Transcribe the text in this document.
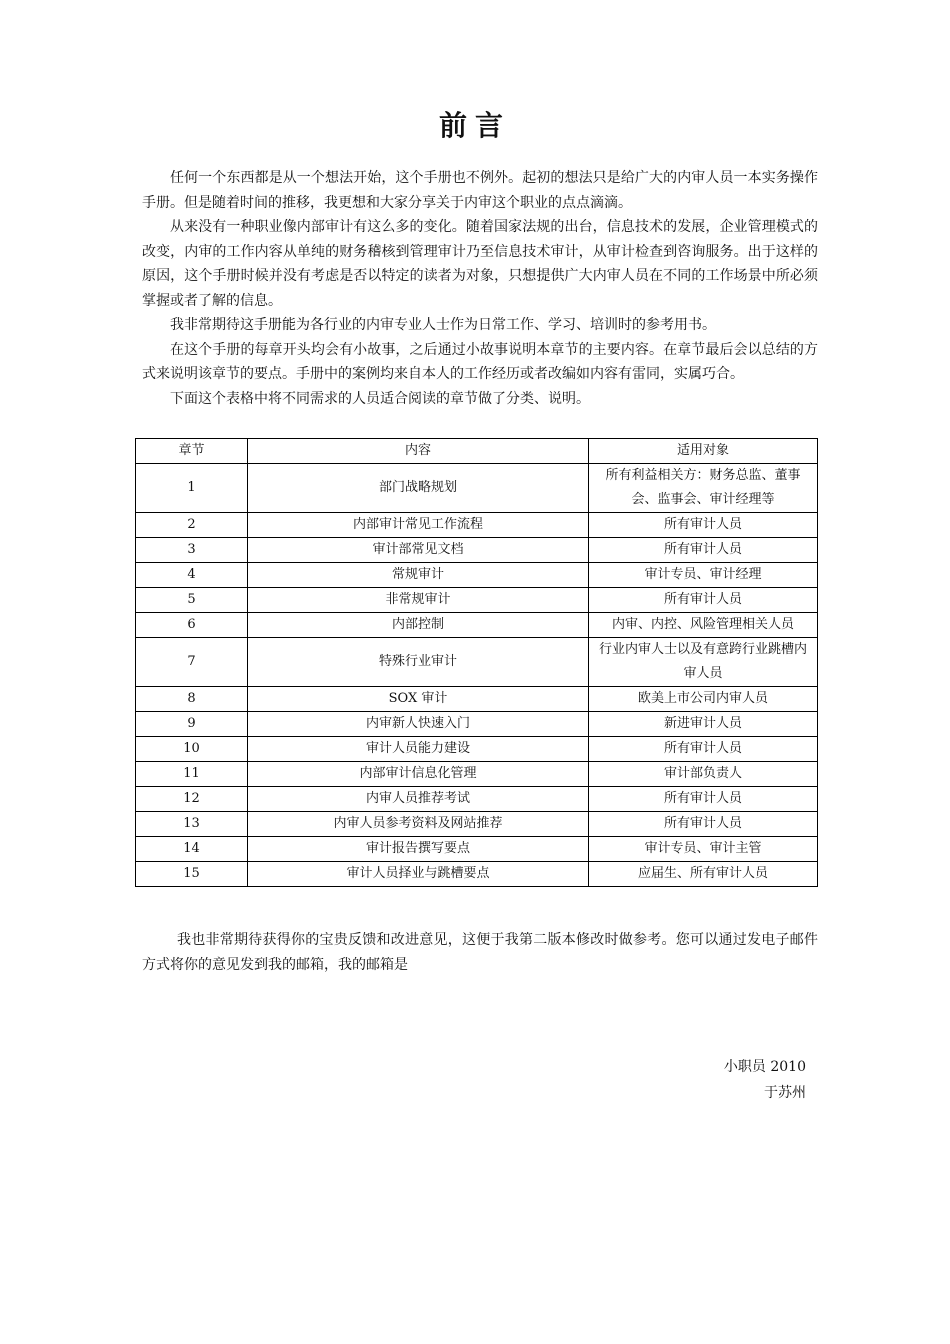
前言

任何一个东西都是从一个想法开始，这个手册也不例外。起初的想法只是给广大的内审人员一本实务操作手册。但是随着时间的推移，我更想和大家分享关于内审这个职业的点点滴滴。

从来没有一种职业像内部审计有这么多的变化。随着国家法规的出台，信息技术的发展，企业管理模式的改变，内审的工作内容从单纯的财务稽核到管理审计乃至信息技术审计，从审计检查到咨询服务。出于这样的原因，这个手册时候并没有考虑是否以特定的读者为对象，只想提供广大内审人员在不同的工作场景中所必须掌握或者了解的信息。

我非常期待这手册能为各行业的内审专业人士作为日常工作、学习、培训时的参考用书。

在这个手册的每章开头均会有小故事，之后通过小故事说明本章节的主要内容。在章节最后会以总结的方式来说明该章节的要点。手册中的案例均来自本人的工作经历或者改编如内容有雷同，实属巧合。

下面这个表格中将不同需求的人员适合阅读的章节做了分类、说明。

章节	内容	适用对象
1	部门战略规划	所有利益相关方：财务总监、董事会、监事会、审计经理等
2	内部审计常见工作流程	所有审计人员
3	审计部常见文档	所有审计人员
4	常规审计	审计专员、审计经理
5	非常规审计	所有审计人员
6	内部控制	内审、内控、风险管理相关人员
7	特殊行业审计	行业内审人士以及有意跨行业跳槽内审人员
8	SOX 审计	欧美上市公司内审人员
9	内审新人快速入门	新进审计人员
10	审计人员能力建设	所有审计人员
11	内部审计信息化管理	审计部负责人
12	内审人员推荐考试	所有审计人员
13	内审人员参考资料及网站推荐	所有审计人员
14	审计报告撰写要点	审计专员、审计主管
15	审计人员择业与跳槽要点	应届生、所有审计人员

我也非常期待获得你的宝贵反馈和改进意见，这便于我第二版本修改时做参考。您可以通过发电子邮件方式将你的意见发到我的邮箱，我的邮箱是

小职员 2010
于苏州
